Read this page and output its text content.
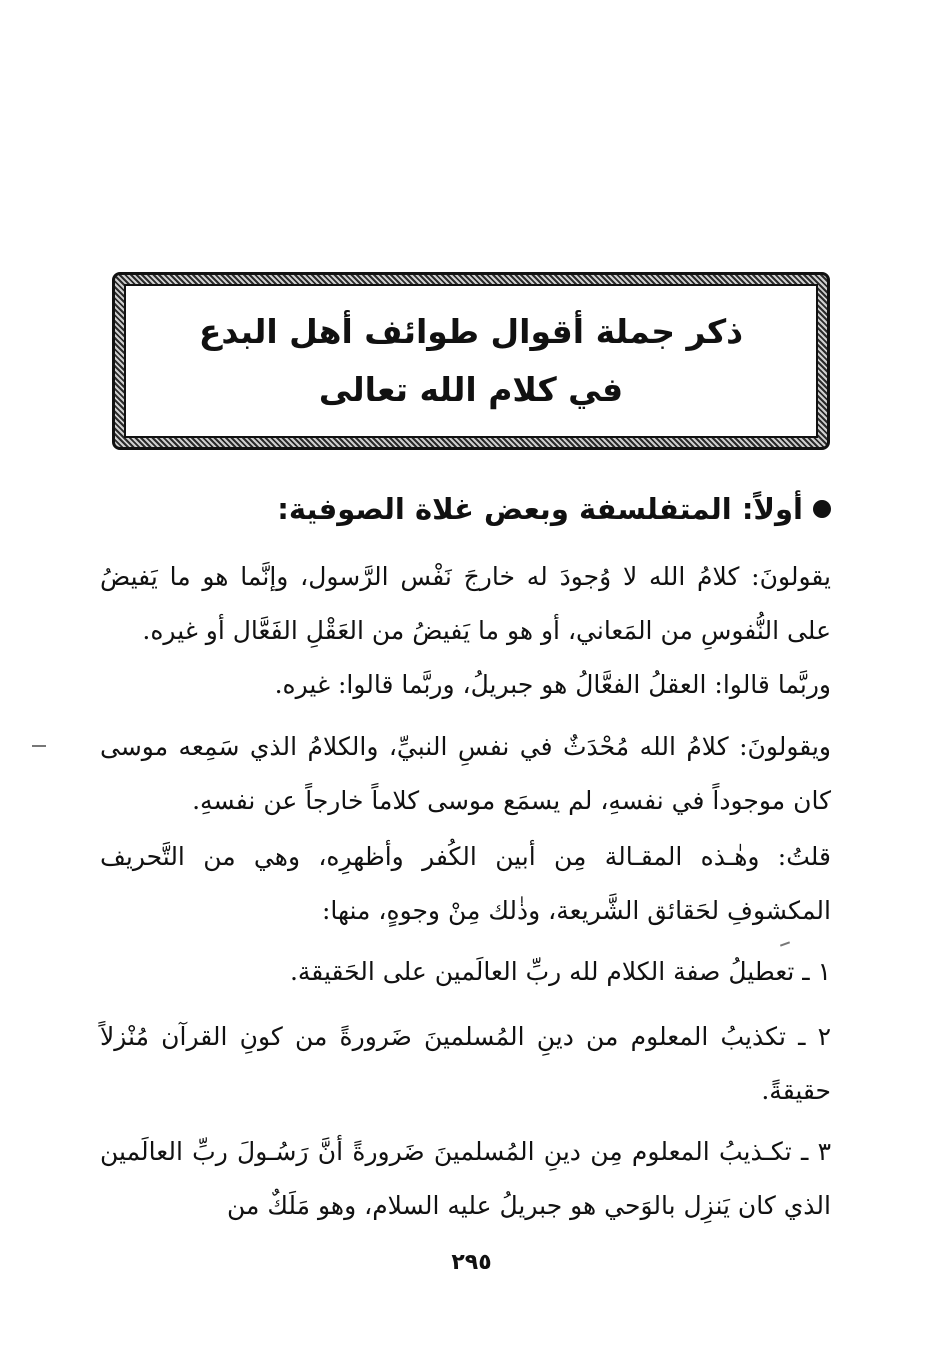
ذكر جملة أقوال طوائف أهل البدع
في كلام الله تعالى
أولاً: المتفلسفة وبعض غلاة الصوفية:

يقولونَ: كلامُ الله لا وُجودَ له خارجَ نَفْس الرَّسول، وإنَّما هو ما يَفيضُ على النُّفوسِ من المَعاني، أو هو ما يَفيضُ من العَقْلِ الفَعَّال أو غيره.

وربَّما قالوا: العقلُ الفعَّالُ هو جبريلُ، وربَّما قالوا: غيره.

ويقولونَ: كلامُ الله مُحْدَثٌ في نفسِ النبيِّ، والكلامُ الذي سَمِعه موسى كان موجوداً في نفسهِ، لم يسمَع موسى كلاماً خارجاً عن نفسهِ.

قلتُ: وهٰـذه المقـالة مِن أبين الكُفر وأظهرِه، وهي من التَّحريف المكشوفِ لحَقائق الشَّريعة، وذٰلك مِنْ وجوهٍ، منها:

١ ـ تعطيلُ صفة الكلام لله ربِّ العالَمين على الحَقيقة.

٢ ـ تكذيبُ المعلوم من دينِ المُسلمينَ ضَرورةً من كونِ القرآن مُنْزلاً حقيقةً.

٣ ـ تكـذيبُ المعلوم مِن دينِ المُسلمينَ ضَرورةً أنَّ رَسُـولَ ربِّ العالَمين الذي كان يَنزِل بالوَحي هو جبريلُ عليه السلام، وهو مَلَكٌ من

٢٩٥
